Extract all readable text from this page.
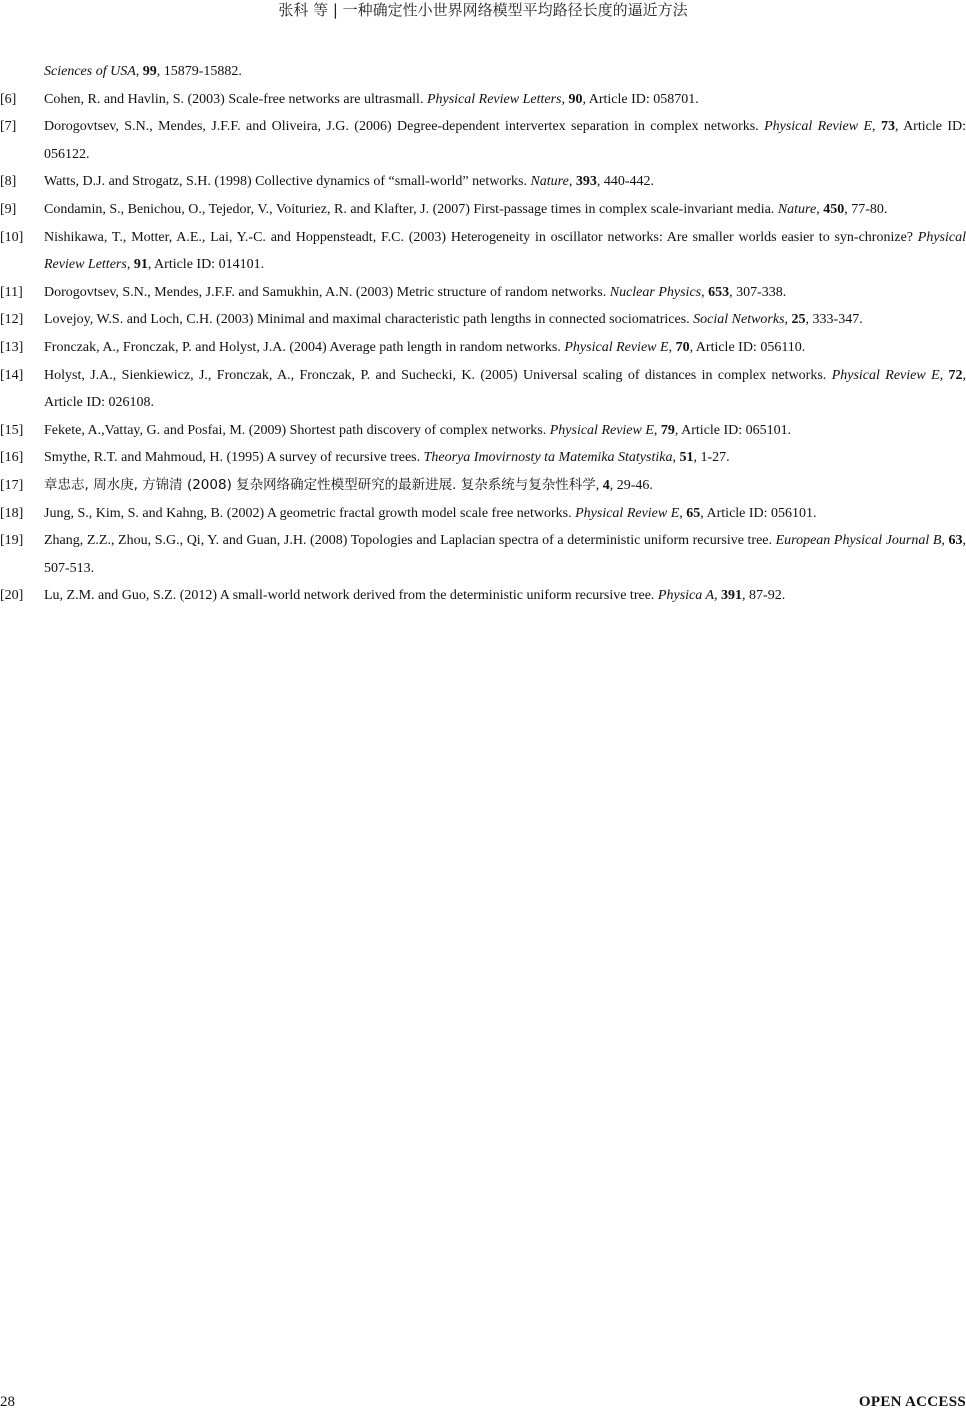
张科 等 | 一种确定性小世界网络模型平均路径长度的逼近方法
Sciences of USA, 99, 15879-15882.
[6]	Cohen, R. and Havlin, S. (2003) Scale-free networks are ultrasmall. Physical Review Letters, 90, Article ID: 058701.
[7]	Dorogovtsev, S.N., Mendes, J.F.F. and Oliveira, J.G. (2006) Degree-dependent intervertex separation in complex networks. Physical Review E, 73, Article ID: 056122.
[8]	Watts, D.J. and Strogatz, S.H. (1998) Collective dynamics of “small-world” networks. Nature, 393, 440-442.
[9]	Condamin, S., Benichou, O., Tejedor, V., Voituriez, R. and Klafter, J. (2007) First-passage times in complex scale-invariant media. Nature, 450, 77-80.
[10]	Nishikawa, T., Motter, A.E., Lai, Y.-C. and Hoppensteadt, F.C. (2003) Heterogeneity in oscillator networks: Are smaller worlds easier to syn-chronize? Physical Review Letters, 91, Article ID: 014101.
[11]	Dorogovtsev, S.N., Mendes, J.F.F. and Samukhin, A.N. (2003) Metric structure of random networks. Nuclear Physics, 653, 307-338.
[12]	Lovejoy, W.S. and Loch, C.H. (2003) Minimal and maximal characteristic path lengths in connected sociomatrices. Social Networks, 25, 333-347.
[13]	Fronczak, A., Fronczak, P. and Holyst, J.A. (2004) Average path length in random networks. Physical Review E, 70, Article ID: 056110.
[14]	Holyst, J.A., Sienkiewicz, J., Fronczak, A., Fronczak, P. and Suchecki, K. (2005) Universal scaling of distances in complex networks. Physical Review E, 72, Article ID: 026108.
[15]	Fekete, A.,Vattay, G. and Posfai, M. (2009) Shortest path discovery of complex networks. Physical Review E, 79, Article ID: 065101.
[16]	Smythe, R.T. and Mahmoud, H. (1995) A survey of recursive trees. Theorya Imovirnosty ta Matemika Statystika, 51, 1-27.
[17]	章忠志, 周水庚, 方锦清 (2008) 复杂网络确定性模型研究的最新进展. 复杂系统与复杂性科学, 4, 29-46.
[18]	Jung, S., Kim, S. and Kahng, B. (2002) A geometric fractal growth model scale free networks. Physical Review E, 65, Article ID: 056101.
[19]	Zhang, Z.Z., Zhou, S.G., Qi, Y. and Guan, J.H. (2008) Topologies and Laplacian spectra of a deterministic uniform recursive tree. European Physical Journal B, 63, 507-513.
[20]	Lu, Z.M. and Guo, S.Z. (2012) A small-world network derived from the deterministic uniform recursive tree. Physica A, 391, 87-92.
28	OPEN ACCESS
